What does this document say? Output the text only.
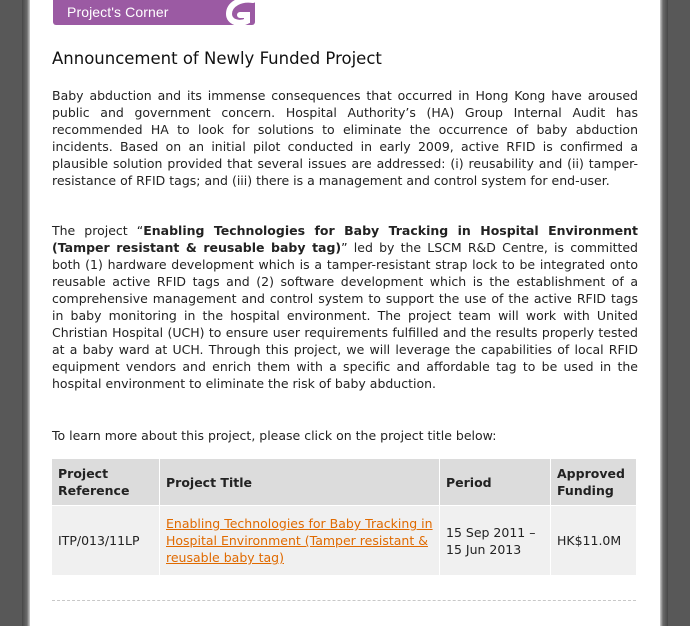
Project's Corner
Announcement of Newly Funded Project

Baby abduction and its immense consequences that occurred in Hong Kong have aroused public and government concern. Hospital Authority’s (HA) Group Internal Audit has recommended HA to look for solutions to eliminate the occurrence of baby abduction incidents. Based on an initial pilot conducted in early 2009, active RFID is confirmed a plausible solution provided that several issues are addressed: (i) reusability and (ii) tamper-resistance of RFID tags; and (iii) there is a management and control system for end-user.

The project “Enabling Technologies for Baby Tracking in Hospital Environment (Tamper resistant & reusable baby tag)” led by the LSCM R&D Centre, is committed both (1) hardware development which is a tamper-resistant strap lock to be integrated onto reusable active RFID tags and (2) software development which is the establishment of a comprehensive management and control system to support the use of the active RFID tags in baby monitoring in the hospital environment. The project team will work with United Christian Hospital (UCH) to ensure user requirements fulfilled and the results properly tested at a baby ward at UCH. Through this project, we will leverage the capabilities of local RFID equipment vendors and enrich them with a specific and affordable tag to be used in the hospital environment to eliminate the risk of baby abduction.

To learn more about this project, please click on the project title below:

Project Reference	Project Title	Period	Approved Funding
ITP/013/11LP	Enabling Technologies for Baby Tracking in Hospital Environment (Tamper resistant & reusable baby tag)	15 Sep 2011 – 15 Jun 2013	HK$11.0M
